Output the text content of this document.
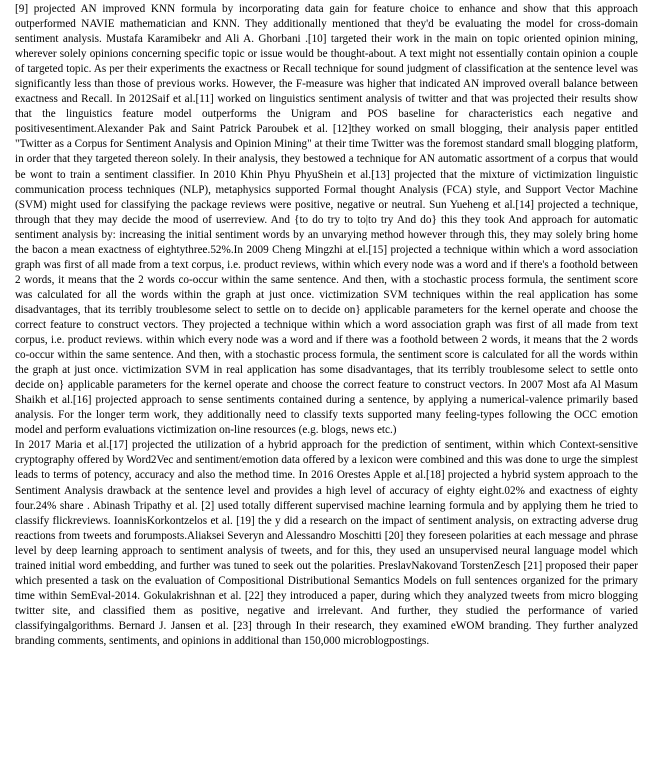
[9] projected AN improved KNN formula by incorporating data gain for feature choice to enhance and show that this approach outperformed NAVIE mathematician and KNN. They additionally mentioned that they'd be evaluating the model for cross-domain sentiment analysis. Mustafa Karamibekr and Ali A. Ghorbani .[10] targeted their work in the main on topic oriented opinion mining, wherever solely opinions concerning specific topic or issue would be thought-about. A text might not essentially contain opinion a couple of targeted topic. As per their experiments the exactness or Recall technique for sound judgment of classification at the sentence level was significantly less than those of previous works. However, the F-measure was higher that indicated AN improved overall balance between exactness and Recall. In 2012Saif et al.[11] worked on linguistics sentiment analysis of twitter and that was projected their results show that the linguistics feature model outperforms the Unigram and POS baseline for characteristics each negative and positivesentiment.Alexander Pak and Saint Patrick Paroubek et al. [12]they worked on small blogging, their analysis paper entitled "Twitter as a Corpus for Sentiment Analysis and Opinion Mining" at their time Twitter was the foremost standard small blogging platform, in order that they targeted thereon solely. In their analysis, they bestowed a technique for AN automatic assortment of a corpus that would be wont to train a sentiment classifier. In 2010 Khin Phyu PhyuShein et al.[13] projected that the mixture of victimization linguistic communication process techniques (NLP), metaphysics supported Formal thought Analysis (FCA) style, and Support Vector Machine (SVM) might used for classifying the package reviews were positive, negative or neutral. Sun Yueheng et al.[14] projected a technique, through that they may decide the mood of userreview. And {to do try to to|to try And do} this they took And approach for automatic sentiment analysis by: increasing the initial sentiment words by an unvarying method however through this, they may solely bring home the bacon a mean exactness of eightythree.52%.In 2009 Cheng Mingzhi at el.[15] projected a technique within which a word association graph was first of all made from a text corpus, i.e. product reviews, within which every node was a word and if there's a foothold between 2 words, it means that the 2 words co-occur within the same sentence. And then, with a stochastic process formula, the sentiment score was calculated for all the words within the graph at just once. victimization SVM techniques within the real application has some disadvantages, that its terribly troublesome select to settle on to decide on} applicable parameters for the kernel operate and choose the correct feature to construct vectors. They projected a technique within which a word association graph was first of all made from text corpus, i.e. product reviews. within which every node was a word and if there was a foothold between 2 words, it means that the 2 words co-occur within the same sentence. And then, with a stochastic process formula, the sentiment score is calculated for all the words within the graph at just once. victimization SVM in real application has some disadvantages, that its terribly troublesome select to settle onto decide on} applicable parameters for the kernel operate and choose the correct feature to construct vectors. In 2007 Most afa Al Masum Shaikh et al.[16] projected approach to sense sentiments contained during a sentence, by applying a numerical-valence primarily based analysis. For the longer term work, they additionally need to classify texts supported many feeling-types following the OCC emotion model and perform evaluations victimization on-line resources (e.g. blogs, news etc.)

In 2017 Maria et al.[17] projected the utilization of a hybrid approach for the prediction of sentiment, within which Context-sensitive cryptography offered by Word2Vec and sentiment/emotion data offered by a lexicon were combined and this was done to urge the simplest leads to terms of potency, accuracy and also the method time. In 2016 Orestes Apple et al.[18] projected a hybrid system approach to the Sentiment Analysis drawback at the sentence level and provides a high level of accuracy of eighty eight.02% and exactness of eighty four.24% share . Abinash Tripathy et al. [2] used totally different supervised machine learning formula and by applying them he tried to classify flickreviews. IoannisKorkontzelos et al. [19] the y did a research on the impact of sentiment analysis, on extracting adverse drug reactions from tweets and forumposts.Aliaksei Severyn and Alessandro Moschitti [20] they foreseen polarities at each message and phrase level by deep learning approach to sentiment analysis of tweets, and for this, they used an unsupervised neural language model which trained initial word embedding, and further was tuned to seek out the polarities. PreslavNakovand TorstenZesch [21] proposed their paper which presented a task on the evaluation of Compositional Distributional Semantics Models on full sentences organized for the primary time within SemEval-2014. Gokulakrishnan et al. [22] they introduced a paper, during which they analyzed tweets from micro blogging twitter site, and classified them as positive, negative and irrelevant. And further, they studied the performance of varied classifyingalgorithms. Bernard J. Jansen et al. [23] through In their research, they examined eWOM branding. They further analyzed branding comments, sentiments, and opinions in additional than 150,000 microblogpostings.
